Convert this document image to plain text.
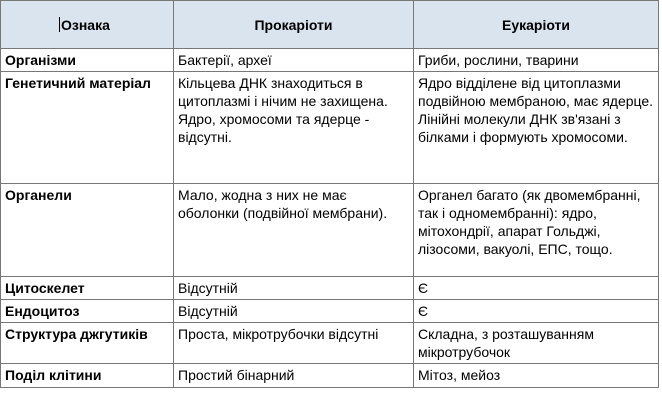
Ознака	Прокаріоти	Еукаріоти
Організми	Бактерії, археї	Гриби, рослини, тварини
Генетичний матеріал	Кільцева ДНК знаходиться в цитоплазмі і нічим не захищена. Ядро, хромосоми та ядерце - відсутні.	Ядро відділене від цитоплазми подвійною мембраною, має ядерце. Лінійні молекули ДНК зв'язані з білками і формують хромосоми.
Органели	Мало, жодна з них не має оболонки (подвійної мембрани).	Органел багато (як двомембранні, так і одномембранні): ядро, мітохондрії, апарат Гольджі, лізосоми, вакуолі, ЕПС, тощо.
Цитоскелет	Відсутній	Є
Ендоцитоз	Відсутній	Є
Структура джгутиків	Проста, мікротрубочки відсутні	Складна, з розташуванням мікротрубочок
Поділ клітини	Простий бінарний	Мітоз, мейоз
